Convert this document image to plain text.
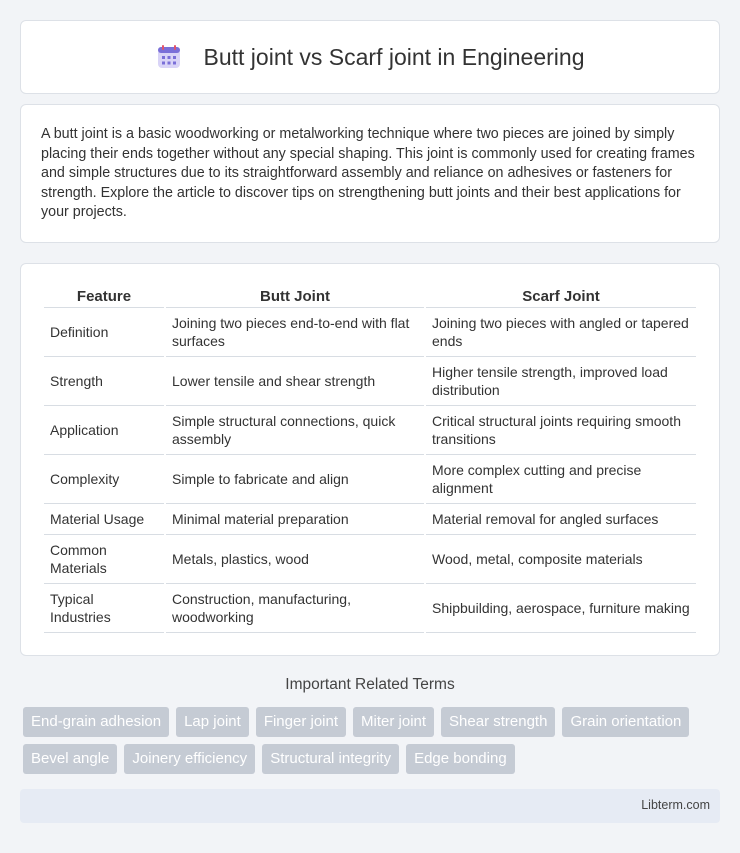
Butt joint vs Scarf joint in Engineering

A butt joint is a basic woodworking or metalworking technique where two pieces are joined by simply placing their ends together without any special shaping. This joint is commonly used for creating frames and simple structures due to its straightforward assembly and reliance on adhesives or fasteners for strength. Explore the article to discover tips on strengthening butt joints and their best applications for your projects.

Feature	Butt Joint	Scarf Joint
Definition	Joining two pieces end-to-end with flat surfaces	Joining two pieces with angled or tapered ends
Strength	Lower tensile and shear strength	Higher tensile strength, improved load distribution
Application	Simple structural connections, quick assembly	Critical structural joints requiring smooth transitions
Complexity	Simple to fabricate and align	More complex cutting and precise alignment
Material Usage	Minimal material preparation	Material removal for angled surfaces
Common Materials	Metals, plastics, wood	Wood, metal, composite materials
Typical Industries	Construction, manufacturing, woodworking	Shipbuilding, aerospace, furniture making
Important Related Terms
End-grain adhesion	Lap joint	Finger joint	Miter joint	Shear strength	Grain orientation
Bevel angle	Joinery efficiency	Structural integrity	Edge bonding
Libterm.com
